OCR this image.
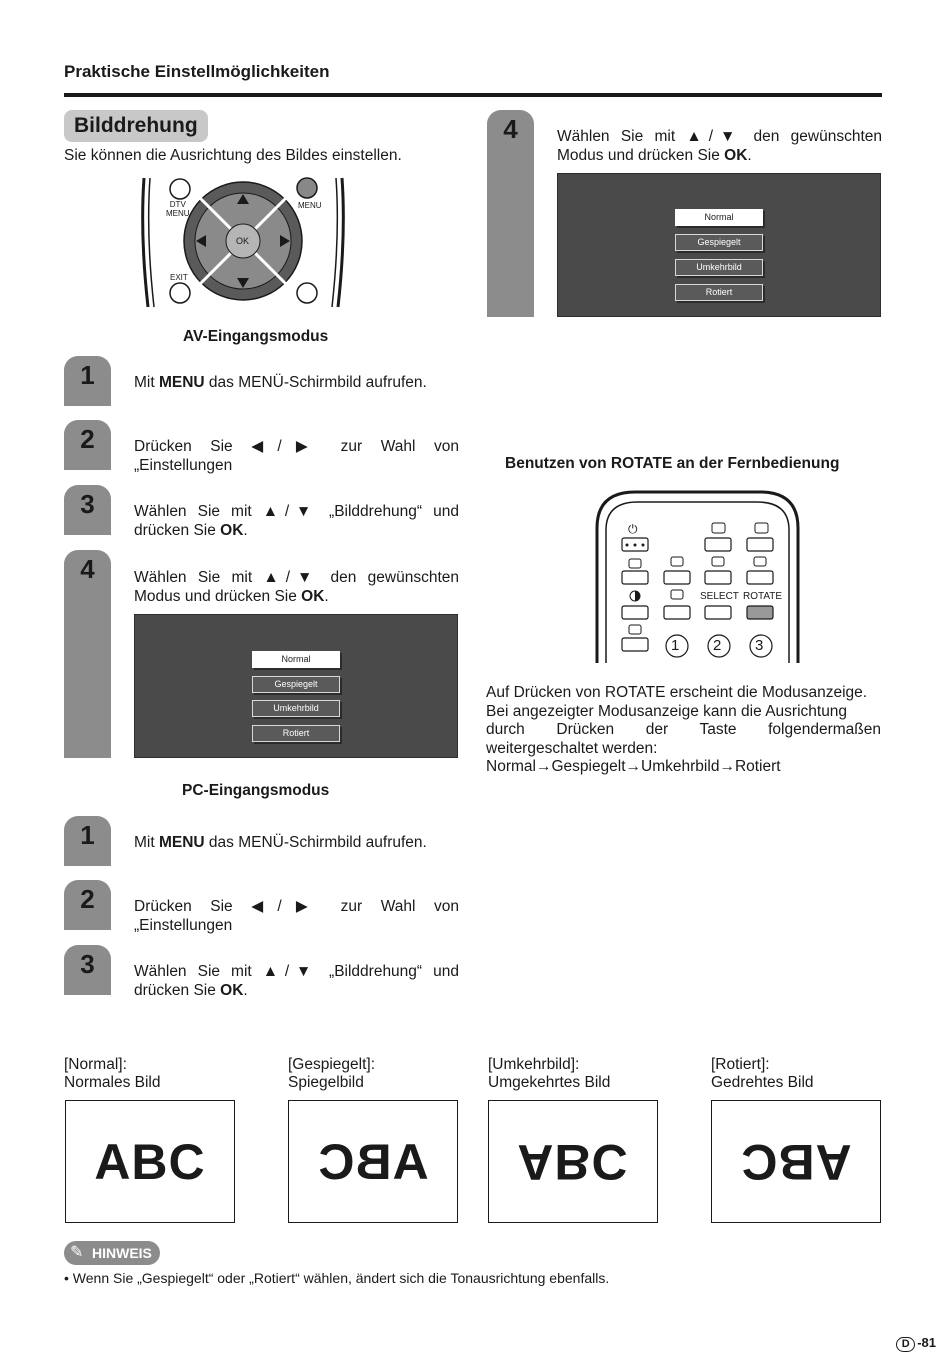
Praktische Einstellmöglichkeiten
Bilddrehung
Sie können die Ausrichtung des Bildes einstellen.
DTV
MENU
MENU
OK
EXIT
AV-Eingangsmodus
1	Mit MENU das MENÜ-Schirmbild aufrufen.
2	Drücken Sie ◀/▶ zur Wahl von
„Einstellungen
3	Wählen Sie mit ▲/▼ „Bilddrehung“ und
drücken Sie OK.
4	Wählen Sie mit ▲/▼ den gewünschten
Modus und drücken Sie OK.
Normal
Gespiegelt
Umkehrbild
Rotiert
PC-Eingangsmodus
1	Mit MENU das MENÜ-Schirmbild aufrufen.
2	Drücken Sie ◀/▶ zur Wahl von
„Einstellungen
3	Wählen Sie mit ▲/▼ „Bilddrehung“ und
drücken Sie OK.
4	Wählen Sie mit ▲/▼ den gewünschten
Modus und drücken Sie OK.
Normal
Gespiegelt
Umkehrbild
Rotiert
Benutzen von ROTATE an der Fernbedienung
⏻
SELECT ROTATE
1 2 3
Auf Drücken von ROTATE erscheint die Modusanzeige.
Bei angezeigter Modusanzeige kann die Ausrichtung
durch Drücken der Taste folgendermaßen
weitergeschaltet werden:
Normal→Gespiegelt→Umkehrbild→Rotiert
[Normal]:
Normales Bild
ABC
[Gespiegelt]:
Spiegelbild
ABC
[Umkehrbild]:
Umgekehrtes Bild
ABC
[Rotiert]:
Gedrehtes Bild
ABC
✎ HINWEIS
• Wenn Sie „Gespiegelt“ oder „Rotiert“ wählen, ändert sich die Tonausrichtung ebenfalls.
D -81
